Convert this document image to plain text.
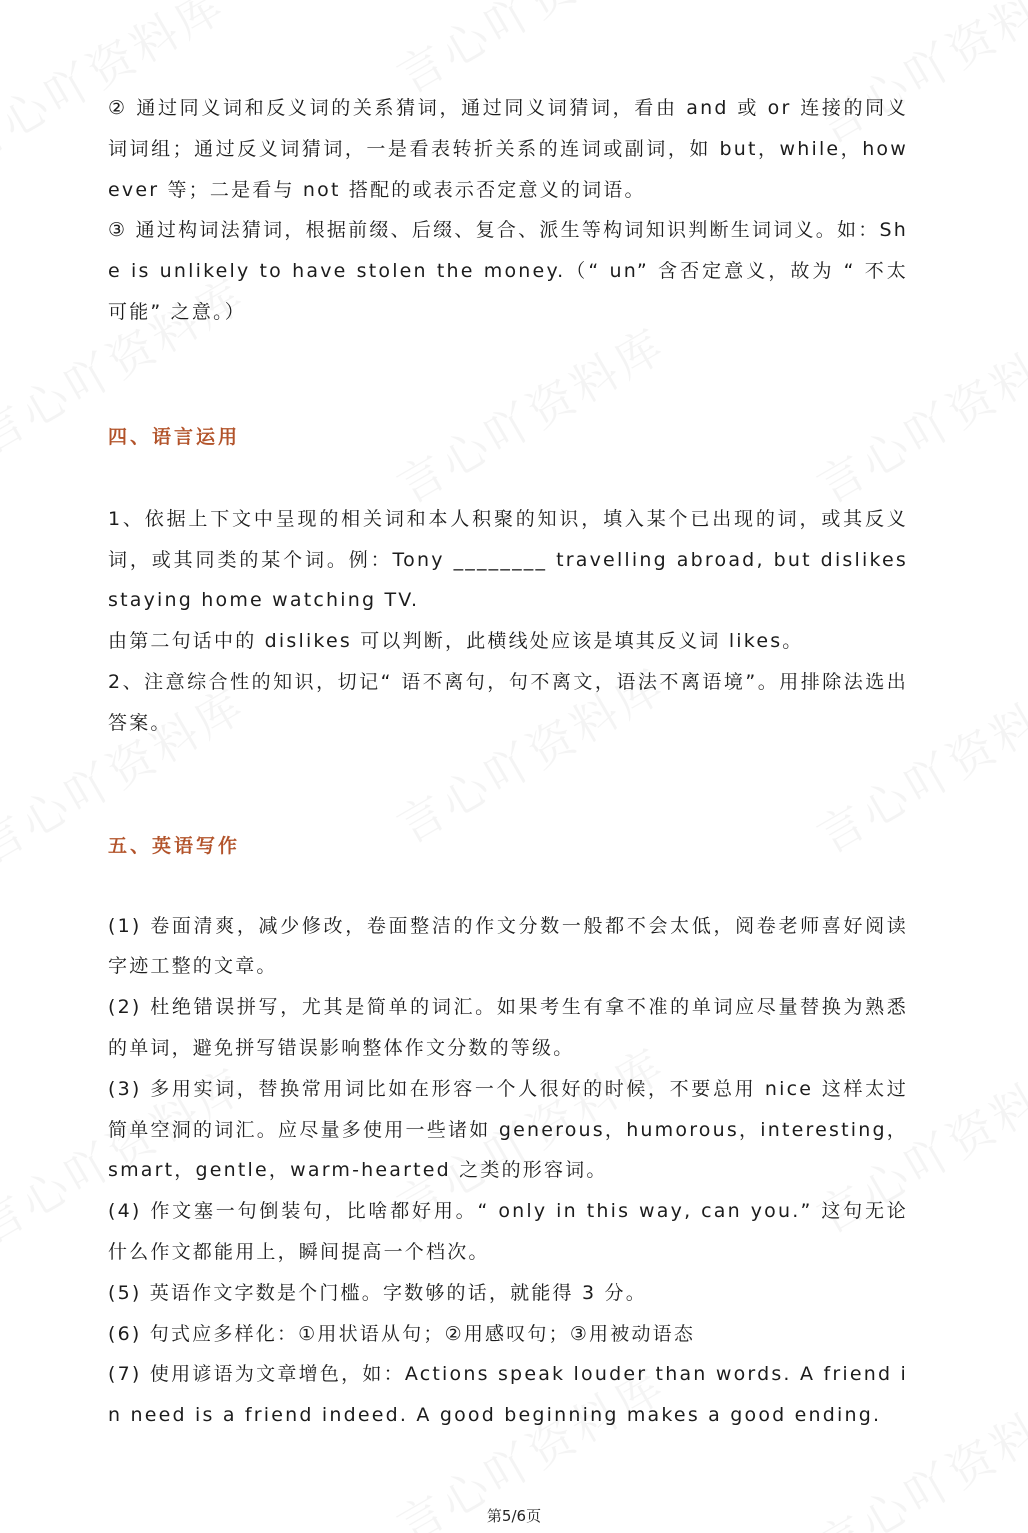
② 通过同义词和反义词的关系猜词，通过同义词猜词，看由 and 或 or 连接的同义词词组；通过反义词猜词，一是看表转折关系的连词或副词，如 but，while，however 等；二是看与 not 搭配的或表示否定意义的词语。

③ 通过构词法猜词，根据前缀、后缀、复合、派生等构词知识判断生词词义。如：She is unlikely to have stolen the money.（“ un” 含否定意义，故为 “ 不太可能” 之意。）

四、语言运用

1、依据上下文中呈现的相关词和本人积聚的知识，填入某个已出现的词，或其反义词，或其同类的某个词。例：Tony ________ travelling abroad, but dislikes staying home watching TV.

由第二句话中的 dislikes 可以判断，此横线处应该是填其反义词 likes。

2、注意综合性的知识，切记“ 语不离句，句不离文，语法不离语境”。用排除法选出答案。

五、英语写作

(1) 卷面清爽，减少修改，卷面整洁的作文分数一般都不会太低，阅卷老师喜好阅读字迹工整的文章。

(2) 杜绝错误拼写，尤其是简单的词汇。如果考生有拿不准的单词应尽量替换为熟悉的单词，避免拼写错误影响整体作文分数的等级。

(3) 多用实词，替换常用词比如在形容一个人很好的时候，不要总用 nice 这样太过简单空洞的词汇。应尽量多使用一些诸如 generous，humorous，interesting，smart，gentle，warm-hearted 之类的形容词。

(4) 作文塞一句倒装句，比啥都好用。“ only in this way, can you.” 这句无论什么作文都能用上，瞬间提高一个档次。

(5) 英语作文字数是个门槛。字数够的话，就能得 3 分。

(6) 句式应多样化：①用状语从句；②用感叹句；③用被动语态

(7) 使用谚语为文章增色，如：Actions speak louder than words. A friend in need is a friend indeed. A good beginning makes a good ending.

第5/6页
